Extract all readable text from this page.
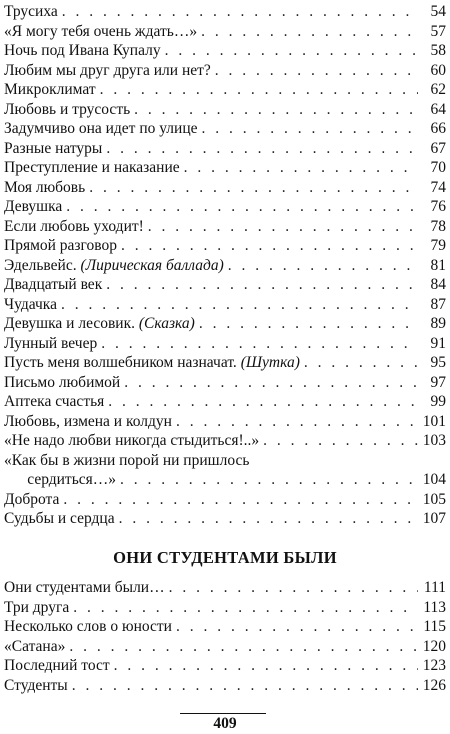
Трусиха . . .	54
«Я могу тебя очень ждать…» . . .	57
Ночь под Ивана Купалу . . .	58
Любим мы друг друга или нет? . . .	60
Микроклимат . . .	62
Любовь и трусость . . .	64
Задумчиво она идет по улице . . .	66
Разные натуры . . .	67
Преступление и наказание . . .	70
Моя любовь . . .	74
Девушка . . .	76
Если любовь уходит! . . .	78
Прямой разговор . . .	79
Эдельвейс. (Лирическая баллада) . . .	81
Двадцатый век . . .	84
Чудачка . . .	87
Девушка и лесовик. (Сказка) . . .	89
Лунный вечер . . .	91
Пусть меня волшебником назначат. (Шутка) . . .	95
Письмо любимой . . .	97
Аптека счастья . . .	99
Любовь, измена и колдун . . .	101
«Не надо любви никогда стыдиться!..» . . .	103
«Как бы в жизни порой ни пришлось
сердиться…» . . .	104
Доброта . . .	105
Судьбы и сердца . . .	107
ОНИ СТУДЕНТАМИ БЫЛИ
Они студентами были… . . .	111
Три друга . . .	113
Несколько слов о юности . . .	115
«Сатана» . . .	120
Последний тост . . .	123
Студенты . . .	126
409
